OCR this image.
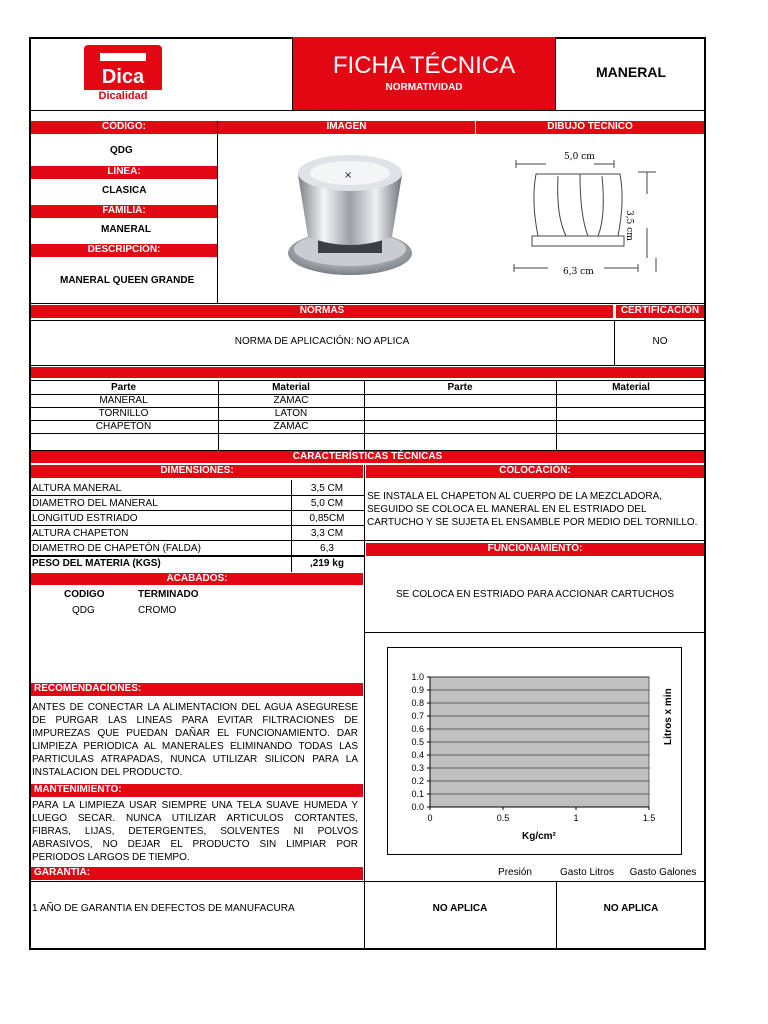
Dica
Dicalidad
FICHA TÉCNICA
NORMATIVIDAD
MANERAL
CÓDIGO:	IMAGEN	DIBUJO TÉCNICO
QDG
LÍNEA:
CLASICA
FAMILIA:
MANERAL
DESCRIPCIÓN:
MANERAL QUEEN GRANDE
×
5,0 cm
3,5 cm
6,3 cm
NORMAS	CERTIFICACIÓN
NORMA DE APLICACIÓN: NO APLICA	NO
Parte	Material	Parte	Material
MANERAL	ZAMAC
TORNILLO	LATON
CHAPETON	ZAMAC
CARACTERÍSTICAS TÉCNICAS
DIMENSIONES:	COLOCACIÓN:
ALTURA MANERAL	3,5 CM
DIAMETRO DEL MANERAL	5,0 CM
LONGITUD ESTRIADO	0,85CM
ALTURA CHAPETON	3,3 CM
DIAMETRO DE CHAPETÓN (FALDA)	6,3
PESO DEL MATERIA (KGS)	,219 kg
SE INSTALA EL CHAPETON AL CUERPO DE LA MEZCLADORA, SEGUIDO SE COLOCA EL MANERAL EN EL ESTRIADO DEL CARTUCHO Y SE SUJETA EL ENSAMBLE POR MEDIO DEL TORNILLO.
FUNCIONAMIENTO:
SE COLOCA EN ESTRIADO PARA ACCIONAR CARTUCHOS
ACABADOS:
CODIGO	TERMINADO
QDG	CROMO
RECOMENDACIONES:
ANTES DE CONECTAR LA ALIMENTACION DEL AGUA ASEGURESE DE PURGAR LAS LINEAS PARA EVITAR FILTRACIONES DE IMPUREZAS QUE PUEDAN DAÑAR EL FUNCIONAMIENTO. DAR LIMPIEZA PERIODICA AL MANERALES ELIMINANDO TODAS LAS PARTICULAS ATRAPADAS, NUNCA UTILIZAR SILICON PARA LA INSTALACION DEL PRODUCTO.
MANTENIMIENTO:
PARA LA LIMPIEZA USAR SIEMPRE UNA TELA SUAVE HUMEDA Y LUEGO SECAR. NUNCA UTILIZAR ARTICULOS CORTANTES, FIBRAS, LIJAS, DETERGENTES, SOLVENTES NI POLVOS ABRASIVOS, NO DEJAR EL PRODUCTO SIN LIMPIAR POR PERIODOS LARGOS DE TIEMPO.
GARANTÍA:
1 AÑO DE GARANTIA EN DEFECTOS DE MANUFACURA
0.0
0.1
0.2
0.3
0.4
0.5
0.6
0.7
0.8
0.9
1.0
0	0.5	1	1.5
Kg/cm²
Litros x min
Presión	Gasto Litros	Gasto Galones
NO APLICA	NO APLICA
